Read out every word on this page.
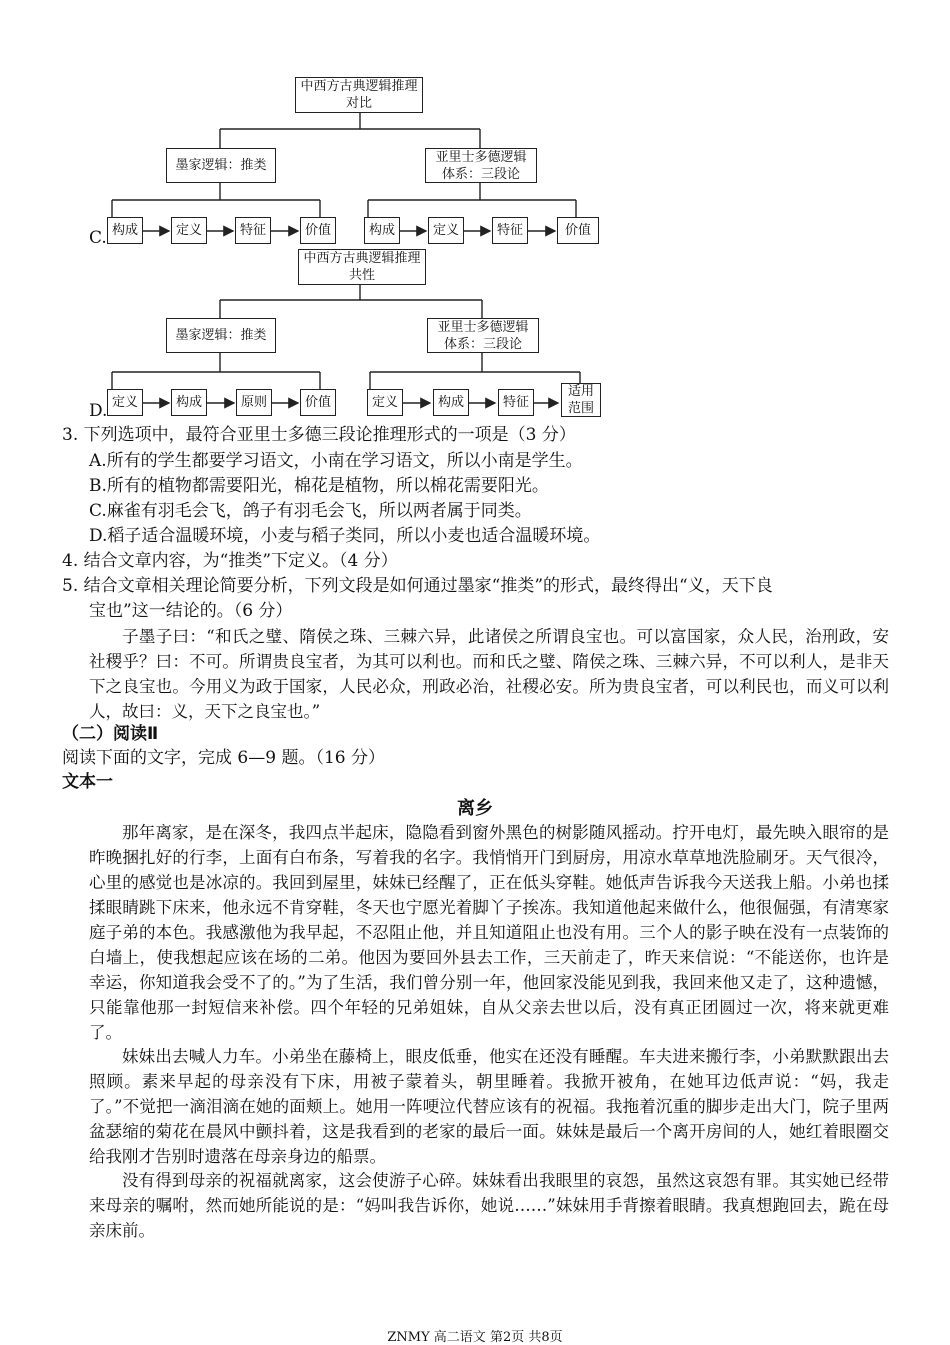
中西方古典逻辑推理对比
墨家逻辑：推类
亚里士多德逻辑体系：三段论
C. 构成	定义	特征	价值	构成	定义	特征	价值
中西方古典逻辑推理共性
墨家逻辑：推类
亚里士多德逻辑体系：三段论
D. 定义	构成	原则	价值	定义	构成	特征
适用范围
3. 下列选项中，最符合亚里士多德三段论推理形式的一项是（3 分）
A.所有的学生都要学习语文，小南在学习语文，所以小南是学生。
B.所有的植物都需要阳光，棉花是植物，所以棉花需要阳光。
C.麻雀有羽毛会飞，鸽子有羽毛会飞，所以两者属于同类。
D.稻子适合温暖环境，小麦与稻子类同，所以小麦也适合温暖环境。
4. 结合文章内容，为“推类”下定义。（4 分）
5. 结合文章相关理论简要分析，下列文段是如何通过墨家“推类”的形式，最终得出“义，天下良
宝也”这一结论的。（6 分）
子墨子曰：“和氏之璧、隋侯之珠、三棘六异，此诸侯之所谓良宝也。可以富国家，众人民，治刑政，安社稷乎？曰：不可。所谓贵良宝者，为其可以利也。而和氏之璧、隋侯之珠、三棘六异，不可以利人，是非天下之良宝也。今用义为政于国家，人民必众，刑政必治，社稷必安。所为贵良宝者，可以利民也，而义可以利人，故曰：义，天下之良宝也。”
（二）阅读Ⅱ
阅读下面的文字，完成 6—9 题。（16 分）
文本一
离乡
那年离家，是在深冬，我四点半起床，隐隐看到窗外黑色的树影随风摇动。拧开电灯，最先映入眼帘的是昨晚捆扎好的行李，上面有白布条，写着我的名字。我悄悄开门到厨房，用凉水草草地洗脸刷牙。天气很冷，心里的感觉也是冰凉的。我回到屋里，妹妹已经醒了，正在低头穿鞋。她低声告诉我今天送我上船。小弟也揉揉眼睛跳下床来，他永远不肯穿鞋，冬天也宁愿光着脚丫子挨冻。我知道他起来做什么，他很倔强，有清寒家庭子弟的本色。我感激他为我早起，不忍阻止他，并且知道阻止也没有用。三个人的影子映在没有一点装饰的白墙上，使我想起应该在场的二弟。他因为要回外县去工作，三天前走了，昨天来信说：“不能送你，也许是幸运，你知道我会受不了的。”为了生活，我们曾分别一年，他回家没能见到我，我回来他又走了，这种遗憾，只能靠他那一封短信来补偿。四个年轻的兄弟姐妹，自从父亲去世以后，没有真正团圆过一次，将来就更难了。
妹妹出去喊人力车。小弟坐在藤椅上，眼皮低垂，他实在还没有睡醒。车夫进来搬行李，小弟默默跟出去照顾。素来早起的母亲没有下床，用被子蒙着头，朝里睡着。我掀开被角，在她耳边低声说：“妈，我走了。”不觉把一滴泪滴在她的面颊上。她用一阵哽泣代替应该有的祝福。我拖着沉重的脚步走出大门，院子里两盆瑟缩的菊花在晨风中颤抖着，这是我看到的老家的最后一面。妹妹是最后一个离开房间的人，她红着眼圈交给我刚才告别时遗落在母亲身边的船票。
没有得到母亲的祝福就离家，这会使游子心碎。妹妹看出我眼里的哀怨，虽然这哀怨有罪。其实她已经带来母亲的嘱咐，然而她所能说的是：“妈叫我告诉你，她说……”妹妹用手背擦着眼睛。我真想跑回去，跪在母亲床前。
ZNMY 高二语文 第2页 共8页
